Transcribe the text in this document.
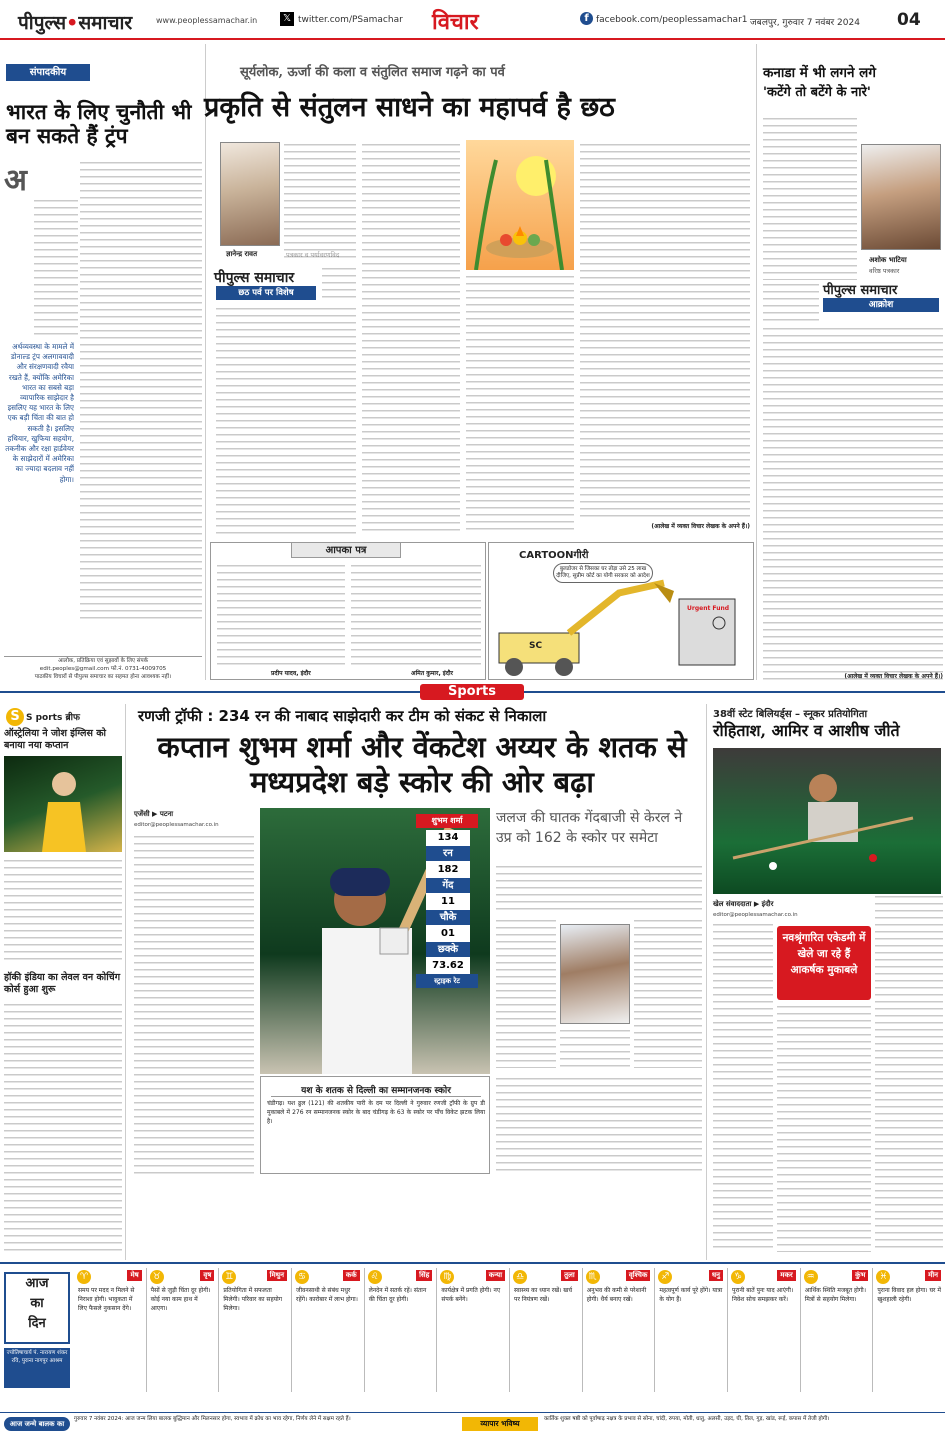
पीपुल्स•समाचार	www.peoplessamachar.in	𝕏 twitter.com/PSamachar विचार	f facebook.com/peoplessamachar1 जबलपुर, गुरुवार 7 नवंबर 2024 04
संपादकीय
भारत के लिए चुनौती भी बन सकते हैं ट्रंप
अ
अर्थव्यवस्था के मामले में डोनाल्ड ट्रंप अलगाववादी और संरक्षणवादी रवैया रखते हैं, क्योंकि अमेरिका भारत का सबसे बड़ा व्यापारिक साझेदार है इसलिए यह भारत के लिए एक बड़ी चिंता की बात हो सकती है। इसलिए हथियार, खुफिया सहयोग, तकनीक और रक्षा हार्डवेयर के साझेदारों में अमेरिका का ज्यादा बदलाव नहीं होगा।
आलोक, प्रतिक्रिया एवं सुझावों के लिए संपर्क
edit.peoples@gmail.com फो.नं. 0731-4009705
पाठकीय विचारों से पीपुल्स समाचार का सहमत होना आवश्यक नहीं।
सूर्यलोक, ऊर्जा की कला व संतुलित समाज गढ़ने का पर्व
प्रकृति से संतुलन साधने का महापर्व है छठ
ज्ञानेन्द्र रावत	पत्रकार व पर्यावरणविद
पीपुल्स समाचार
छठ पर्व पर विशेष
(आलेख में व्यक्त विचार लेखक के अपने हैं।)
कनाडा में भी लगने लगे
'कटेंगे तो बटेंगे के नारे'
अशोक भाटिया
वरिष्ठ पत्रकार
पीपुल्स समाचार
आक्रोश
(आलेख में व्यक्त विचार लेखक के अपने हैं।)
आपका पत्र
प्रदीप यादव, इंदौर	अमित कुमार, इंदौर
CARTOONगीरी
बुलडोजर से जिसका घर तोड़ा उसे 25 लाख दीजिए, सुप्रीम कोर्ट का योगी सरकार को आदेश
Urgent Fund
SC
Sports
S S ports ब्रीफ
ऑस्ट्रेलिया ने जोश इंग्लिस को बनाया नया कप्तान
हॉकी इंडिया का लेवल वन कोचिंग कोर्स हुआ शुरू
रणजी ट्रॉफी : 234 रन की नाबाद साझेदारी कर टीम को संकट से निकाला
कप्तान शुभम शर्मा और वेंकटेश अय्यर के शतक से मध्यप्रदेश बड़े स्कोर की ओर बढ़ा
एजेंसी ▶ पटना
editor@peoplessamachar.co.in	शुभम शर्मा
134
रन
182
गेंद
11
चौके
01
छक्के
73.62
स्ट्राइक रेट
जलज की घातक गेंदबाजी से केरल ने उप्र को 162 के स्कोर पर समेटा
यश के शतक से दिल्ली का सम्मानजनक स्कोर
चंडीगढ़। यश ढुल (121) की शतकीय पारी के दम पर दिल्ली ने गुरुवार रणजी ट्रॉफी के ग्रुप डी मुकाबले में 276 रन सम्मानजनक स्कोर के बाद चंडीगढ़ के 63 के स्कोर पर पाँच विकेट झटक लिया है।
38वीं स्टेट बिलियर्ड्स – स्नूकर प्रतियोगिता
रोहिताश, आमिर व आशीष जीते
खेल संवाददाता ▶ इंदौर
editor@peoplessamachar.co.in
नवश्रृंगारित एकेडमी में खेले जा रहे हैं आकर्षक मुकाबले
आज
का
दिन
ज्योतिषाचार्य पं. नारायण शंकर रवि, पुराना नागपुर आश्रम
♈	मेष
समय पर मदद न मिलने से निराशा होगी। भावुकता में लिए फैसले नुकसान देंगे।
♉	वृष
पैसों से जुड़ी चिंता दूर होगी। कोई नया काम हाथ में आएगा।
♊	मिथुन
प्रतियोगिता में सफलता मिलेगी। परिवार का सहयोग मिलेगा।
♋	कर्क
जीवनसाथी से संबंध मधुर रहेंगे। कारोबार में लाभ होगा।
♌	सिंह
लेनदेन में सतर्क रहें। संतान की चिंता दूर होगी।
♍	कन्या
कार्यक्षेत्र में प्रगति होगी। नए संपर्क बनेंगे।
♎	तुला
स्वास्थ्य का ध्यान रखें। खर्च पर नियंत्रण रखें।
♏	वृश्चिक
अनुभव की कमी से परेशानी होगी। धैर्य बनाए रखें।
♐	धनु
महत्वपूर्ण कार्य पूरे होंगे। यात्रा के योग हैं।
♑	मकर
पुरानी बातें पुनः याद आएंगी। निवेश सोच समझकर करें।
♒	कुंभ
आर्थिक स्थिति मजबूत होगी। मित्रों से सहयोग मिलेगा।
♓	मीन
पुराना विवाद हल होगा। घर में खुशहाली रहेगी।
आज जन्मे बालक का फल
गुरुवार 7 नवंबर 2024: आज जन्म लिया बालक बुद्धिमान और मिलनसार होगा, स्वभाव में क्रोध का भाव रहेगा, निर्णय लेने में सक्षम रहते हैं।	व्यापार भविष्य	कार्तिक शुक्ल षष्ठी को पूर्वाषाढ़ नक्षत्र के प्रभाव से सोना, चांदी, रुपया, मोती, धातु, अलसी, उड़द, घी, तिल, गुड़, खांड, रूई, कपास में तेजी होगी।
